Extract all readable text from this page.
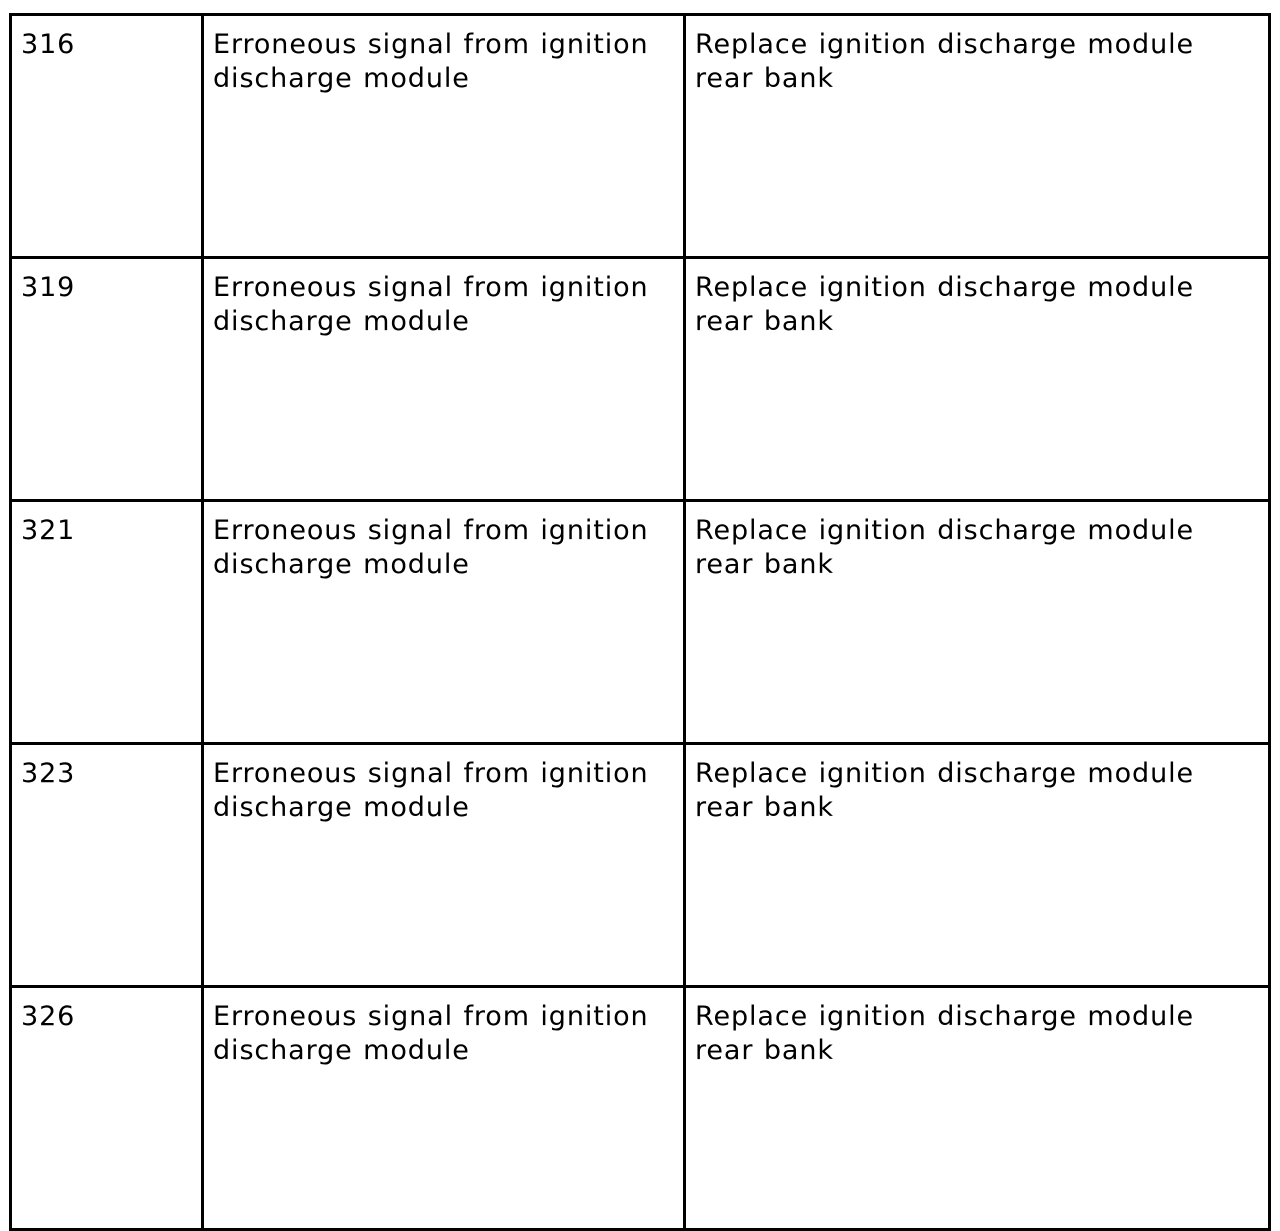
316	Erroneous signal from ignition discharge module	Replace ignition discharge module rear bank
319	Erroneous signal from ignition discharge module	Replace ignition discharge module rear bank
321	Erroneous signal from ignition discharge module	Replace ignition discharge module rear bank
323	Erroneous signal from ignition discharge module	Replace ignition discharge module rear bank
326	Erroneous signal from ignition discharge module	Replace ignition discharge module rear bank
